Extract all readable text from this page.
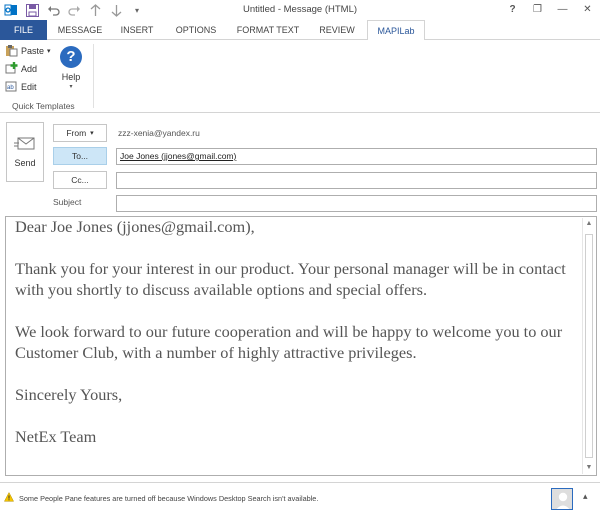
▾	Untitled - Message (HTML)	?	❐	—	✕
FILE	MESSAGE	INSERT	OPTIONS	FORMAT TEXT	REVIEW	MAPILab
Paste ▾
Add
ab Edit
?
Help
▾
Quick Templates
Send
From ▾	zzz-xenia@yandex.ru
To...	Joe Jones (jjones@gmail.com)
Cc...
Subject

Dear Joe Jones (jjones@gmail.com),

Thank you for your interest in our product. Your personal manager will be in contact with you shortly to discuss available options and special offers.

We look forward to our future cooperation and will be happy to welcome you to our Customer Club, with a number of highly attractive privileges.

Sincerely Yours,

NetEx Team

▲
▼
Some People Pane features are turned off because Windows Desktop Search isn't available.	▴
